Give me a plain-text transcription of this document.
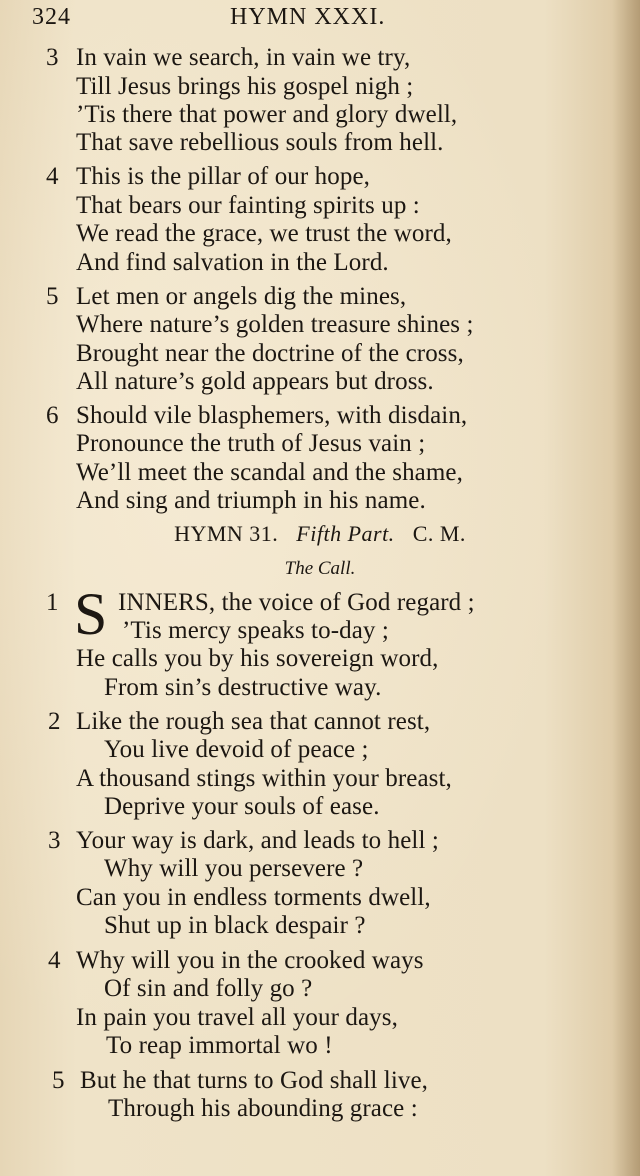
324	HYMN XXXI.
3 In vain we search, in vain we try,
Till Jesus brings his gospel nigh ;
’Tis there that power and glory dwell,
That save rebellious souls from hell.
4 This is the pillar of our hope,
That bears our fainting spirits up :
We read the grace, we trust the word,
And find salvation in the Lord.
5 Let men or angels dig the mines,
Where nature’s golden treasure shines ;
Brought near the doctrine of the cross,
All nature’s gold appears but dross.
6 Should vile blasphemers, with disdain,
Pronounce the truth of Jesus vain ;
We’ll meet the scandal and the shame,
And sing and triumph in his name.
HYMN 31. Fifth Part. C. M.
The Call.
1 S INNERS, the voice of God regard ;
’Tis mercy speaks to-day ;
He calls you by his sovereign word,
From sin’s destructive way.
2 Like the rough sea that cannot rest,
You live devoid of peace ;
A thousand stings within your breast,
Deprive your souls of ease.
3 Your way is dark, and leads to hell ;
Why will you persevere ?
Can you in endless torments dwell,
Shut up in black despair ?
4 Why will you in the crooked ways
Of sin and folly go ?
In pain you travel all your days,
To reap immortal wo !
5 But he that turns to God shall live,
Through his abounding grace :
